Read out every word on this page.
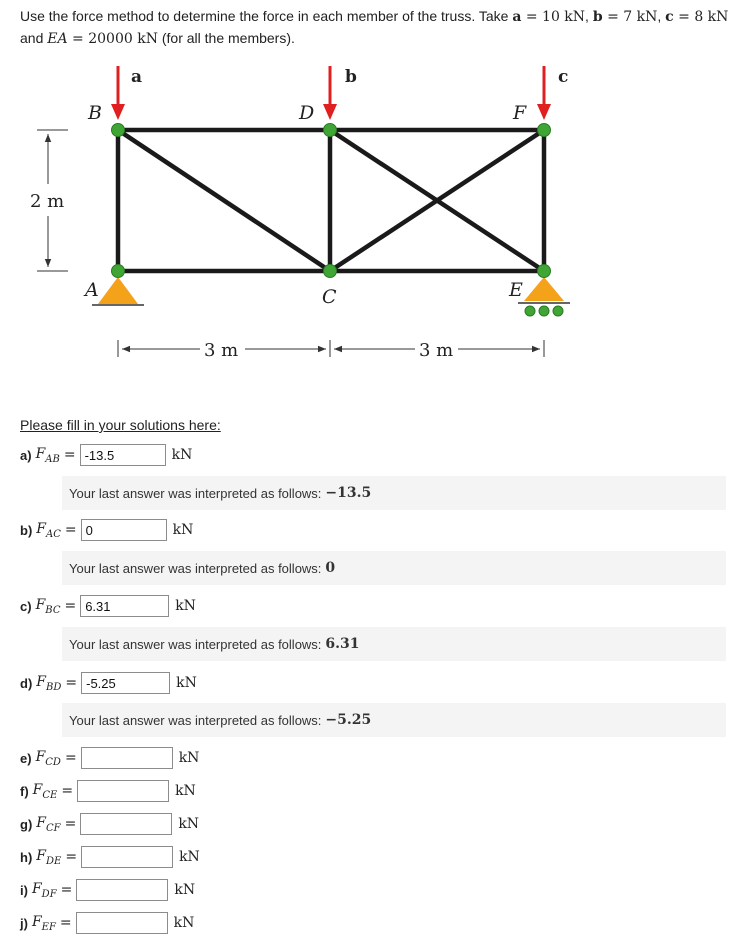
Use the force method to determine the force in each member of the truss. Take a = 10 kN, b = 7 kN, c = 8 kN
and EA = 20000 kN (for all the members).
a	b	c
B	D	F
A	C	E
2 m
3 m	3 m
Please fill in your solutions here:
a) $F_{AB}$ =
-13.5	kN
Your last answer was interpreted as follows: −13.5
b) $F_{AC}$ =
0	kN
Your last answer was interpreted as follows: 0
c) $F_{BC}$ =
6.31	kN
Your last answer was interpreted as follows: 6.31
d) $F_{BD}$ =
-5.25	kN
Your last answer was interpreted as follows: −5.25
e) $F_{CD}$ =	kN
f) $F_{CE}$ =	kN
g) $F_{CF}$ =	kN
h) $F_{DE}$ =	kN
i) $F_{DF}$ =	kN
j) $F_{EF}$ =	kN
